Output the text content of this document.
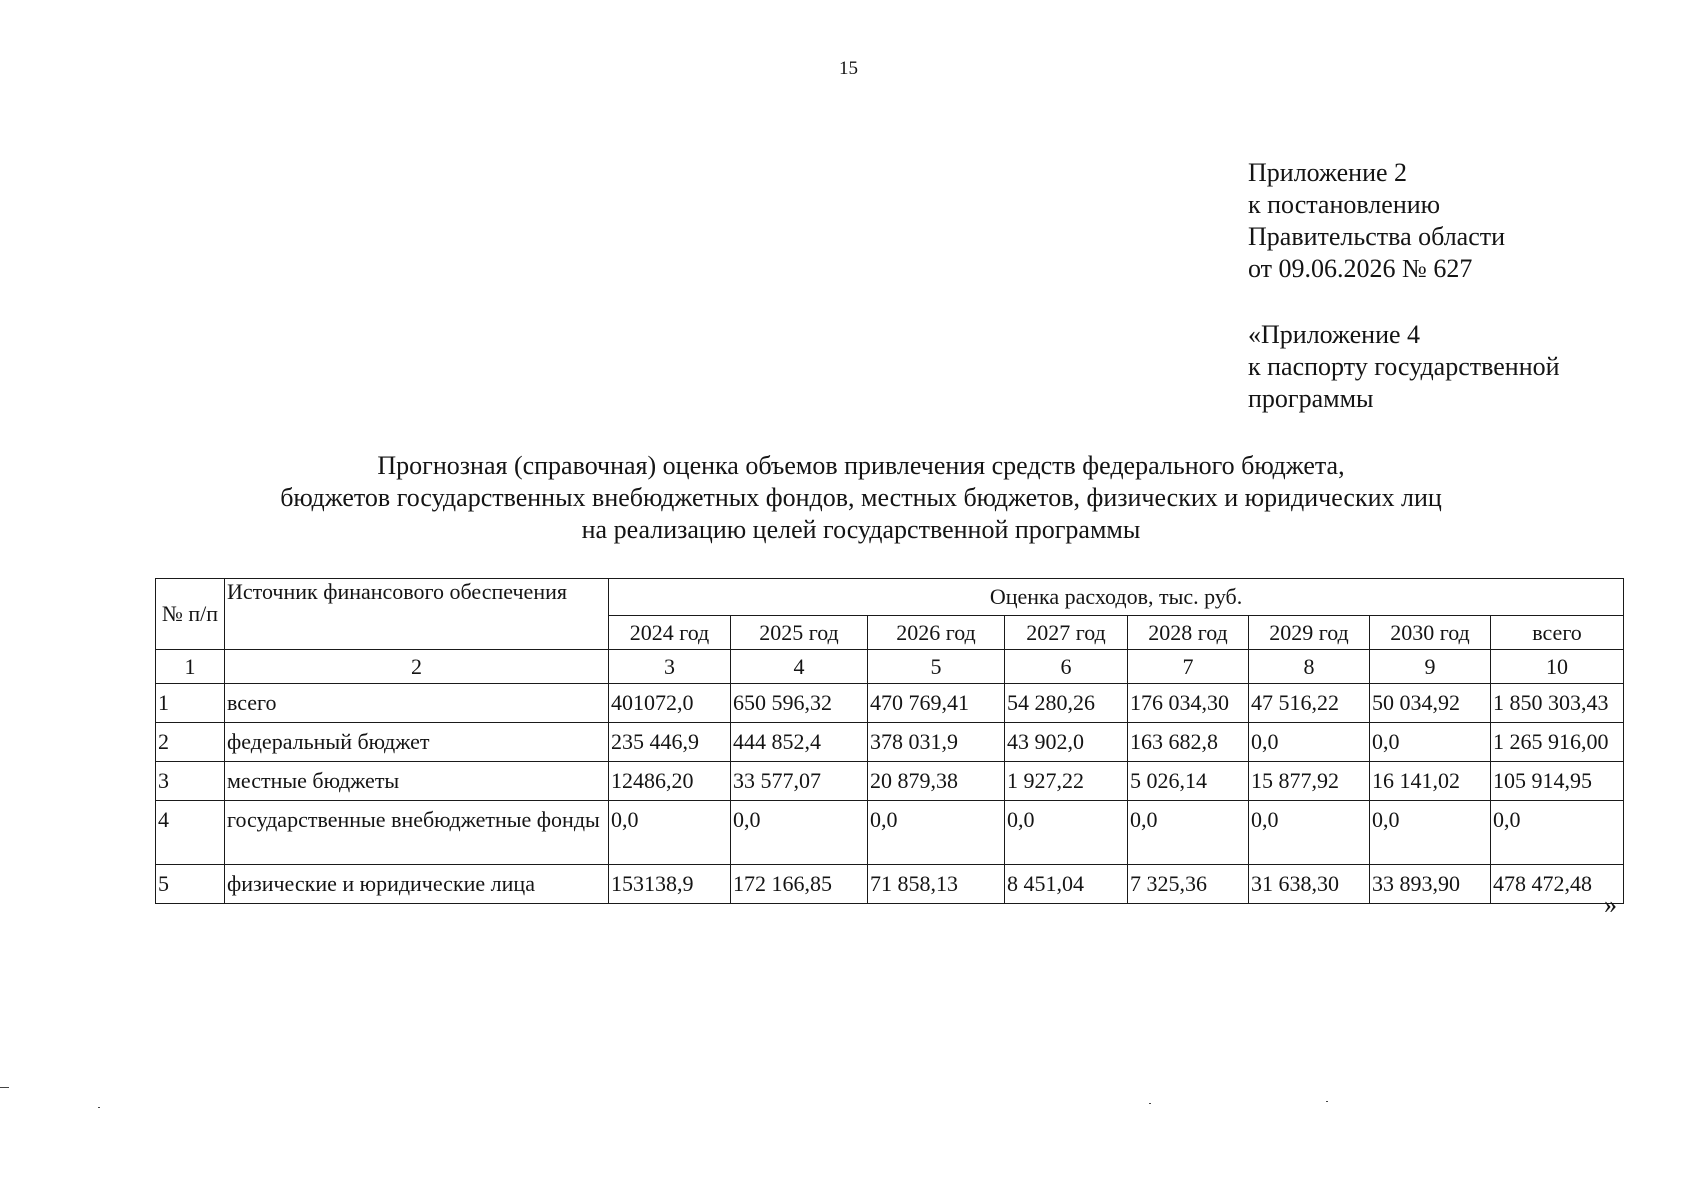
15
Приложение 2
к постановлению
Правительства области
от 09.06.2026 № 627
«Приложение 4
к паспорту государственной
программы
Прогнозная (справочная) оценка объемов привлечения средств федерального бюджета,
бюджетов государственных внебюджетных фондов, местных бюджетов, физических и юридических лиц
на реализацию целей государственной программы
№ п/п	Источник финансового обеспечения	Оценка расходов, тыс. руб.							
		2024 год	2025 год	2026 год	2027 год	2028 год	2029 год	2030 год	всего
1	2	3	4	5	6	7	8	9	10
1	всего	401072,0	650 596,32	470 769,41	54 280,26	176 034,30	47 516,22	50 034,92	1 850 303,43
2	федеральный бюджет	235 446,9	444 852,4	378 031,9	43 902,0	163 682,8	0,0	0,0	1 265 916,00
3	местные бюджеты	12486,20	33 577,07	20 879,38	1 927,22	5 026,14	15 877,92	16 141,02	105 914,95
4	государственные внебюджетные фонды	0,0	0,0	0,0	0,0	0,0	0,0	0,0	0,0
5	физические и юридические лица	153138,9	172 166,85	71 858,13	8 451,04	7 325,36	31 638,30	33 893,90	478 472,48
»
